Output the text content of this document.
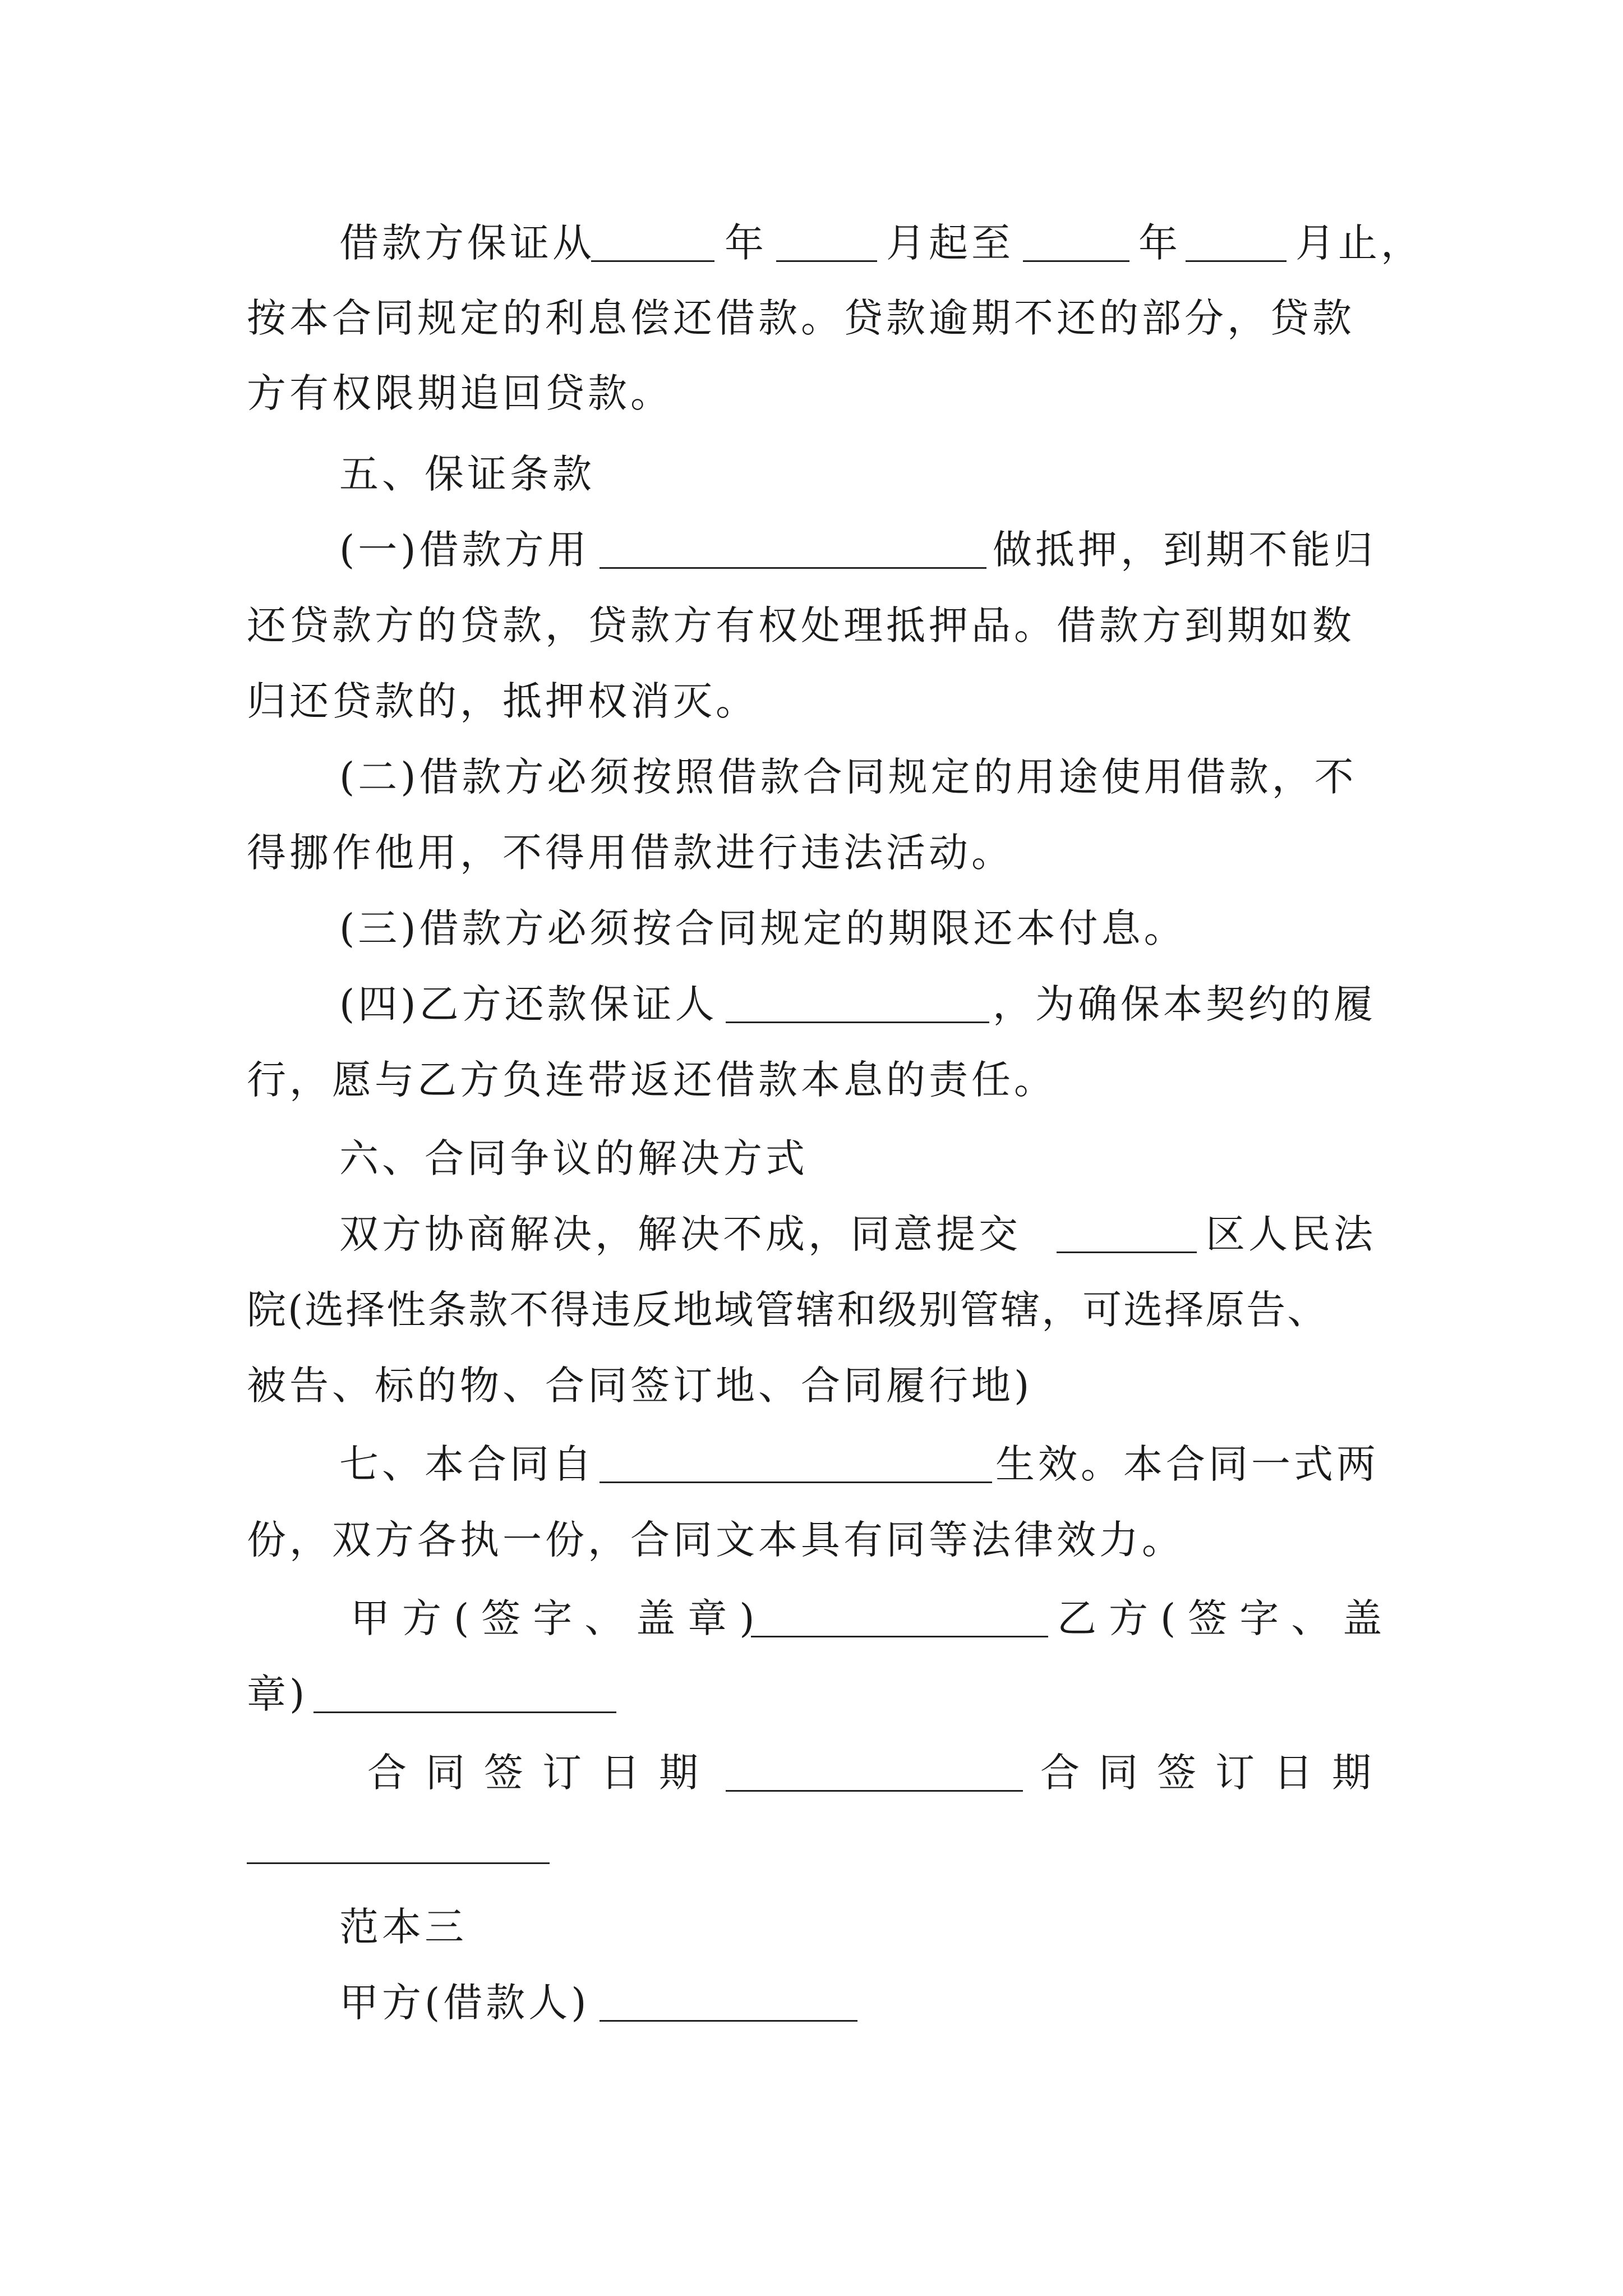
借款方保证从	年	月起至	年	月止，
按本合同规定的利息偿还借款。贷款逾期不还的部分，贷款
方有权限期追回贷款。
五、保证条款
(一)借款方用	做抵押，到期不能归
还贷款方的贷款，贷款方有权处理抵押品。借款方到期如数
归还贷款的，抵押权消灭。
(二)借款方必须按照借款合同规定的用途使用借款，不
得挪作他用，不得用借款进行违法活动。
(三)借款方必须按合同规定的期限还本付息。
(四)乙方还款保证人	，为确保本契约的履
行，愿与乙方负连带返还借款本息的责任。
六、合同争议的解决方式
双方协商解决，解决不成，同意提交	区人民法
院(选择性条款不得违反地域管辖和级别管辖，可选择原告、
被告、标的物、合同签订地、合同履行地)
七、本合同自	生效。本合同一式两
份，双方各执一份，合同文本具有同等法律效力。
甲方(签字、盖章)	乙方(签字、盖
章)
合同签订日期	合同签订日期
范本三
甲方(借款人)
